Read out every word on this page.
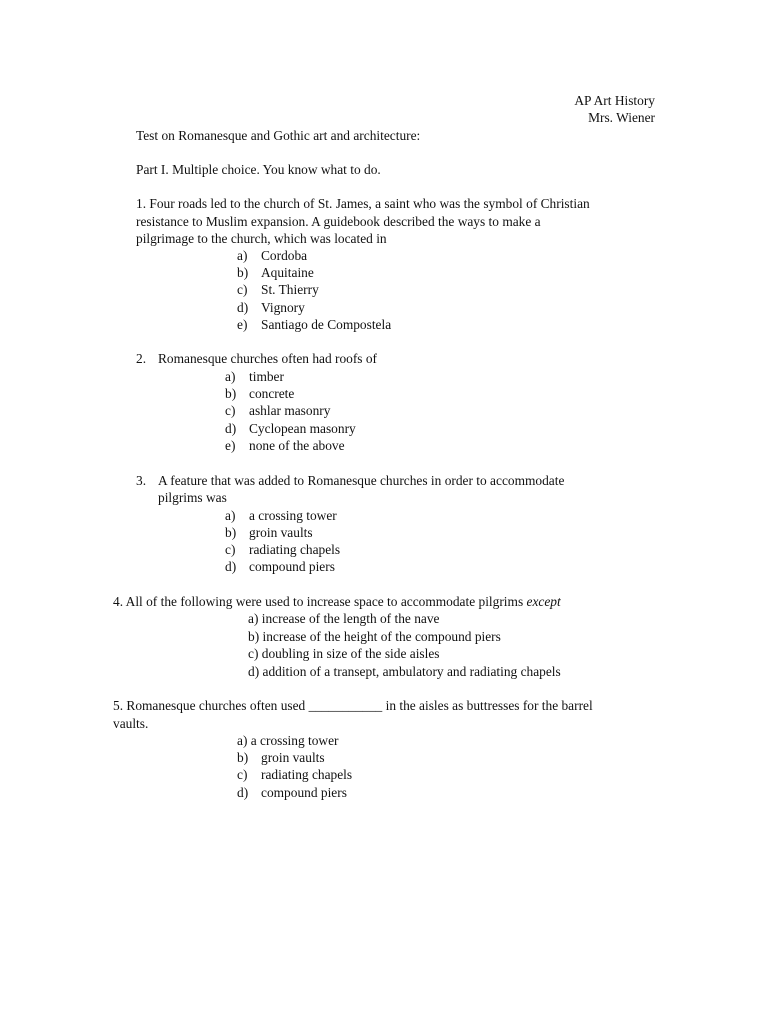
AP Art History
Mrs. Wiener
Test on Romanesque and Gothic art and architecture:
Part I. Multiple choice. You know what to do.
1. Four roads led to the church of St. James, a saint who was the symbol of Christian
resistance to Muslim expansion. A guidebook described the ways to make a
pilgrimage to the church, which was located in
a) Cordoba
b) Aquitaine
c) St. Thierry
d) Vignory
e) Santiago de Compostela
2. Romanesque churches often had roofs of
a) timber
b) concrete
c) ashlar masonry
d) Cyclopean masonry
e) none of the above
3. A feature that was added to Romanesque churches in order to accommodate
pilgrims was
a) a crossing tower
b) groin vaults
c) radiating chapels
d) compound piers
4. All of the following were used to increase space to accommodate pilgrims except
a) increase of the length of the nave
b) increase of the height of the compound piers
c) doubling in size of the side aisles
d) addition of a transept, ambulatory and radiating chapels
5. Romanesque churches often used ___________ in the aisles as buttresses for the barrel
vaults.
a) a crossing tower
b) groin vaults
c) radiating chapels
d) compound piers
